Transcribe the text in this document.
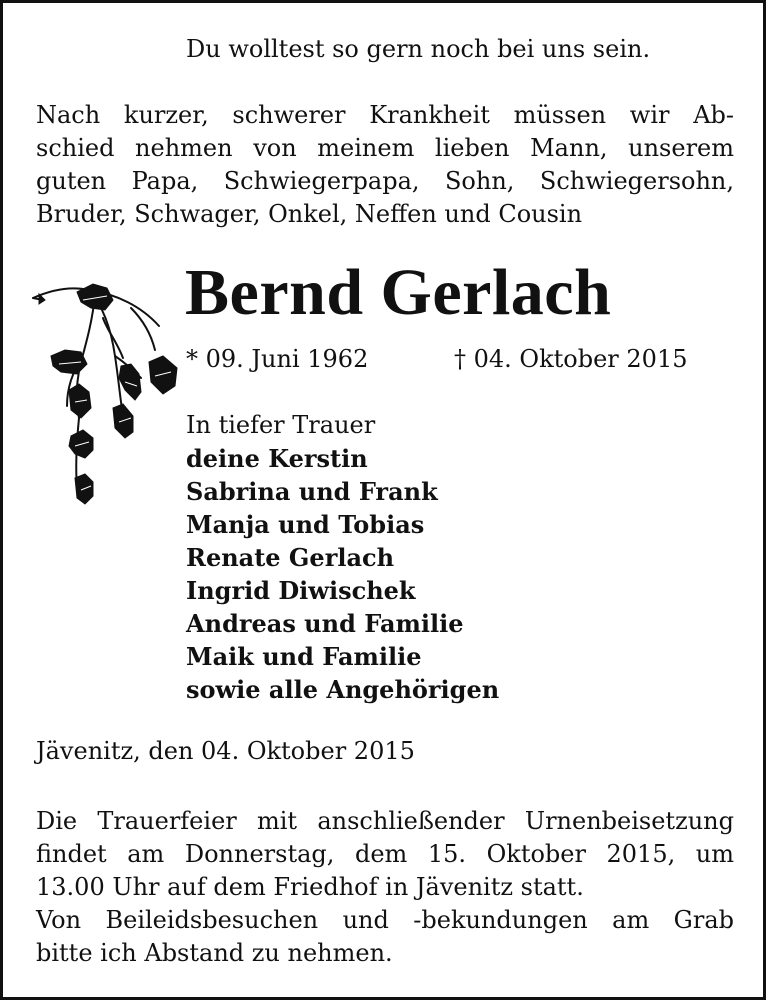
Du wolltest so gern noch bei uns sein.
Nach kurzer, schwerer Krankheit müssen wir Ab-
schied nehmen von meinem lieben Mann, unserem
guten Papa, Schwiegerpapa, Sohn, Schwiegersohn,
Bruder, Schwager, Onkel, Neffen und Cousin
Bernd Gerlach
* 09. Juni 1962	† 04. Oktober 2015
In tiefer Trauer
deine Kerstin
Sabrina und Frank
Manja und Tobias
Renate Gerlach
Ingrid Diwischek
Andreas und Familie
Maik und Familie
sowie alle Angehörigen
Jävenitz, den 04. Oktober 2015
Die Trauerfeier mit anschließender Urnenbeisetzung
findet am Donnerstag, dem 15. Oktober 2015, um
13.00 Uhr auf dem Friedhof in Jävenitz statt.
Von Beileidsbesuchen und -bekundungen am Grab
bitte ich Abstand zu nehmen.
